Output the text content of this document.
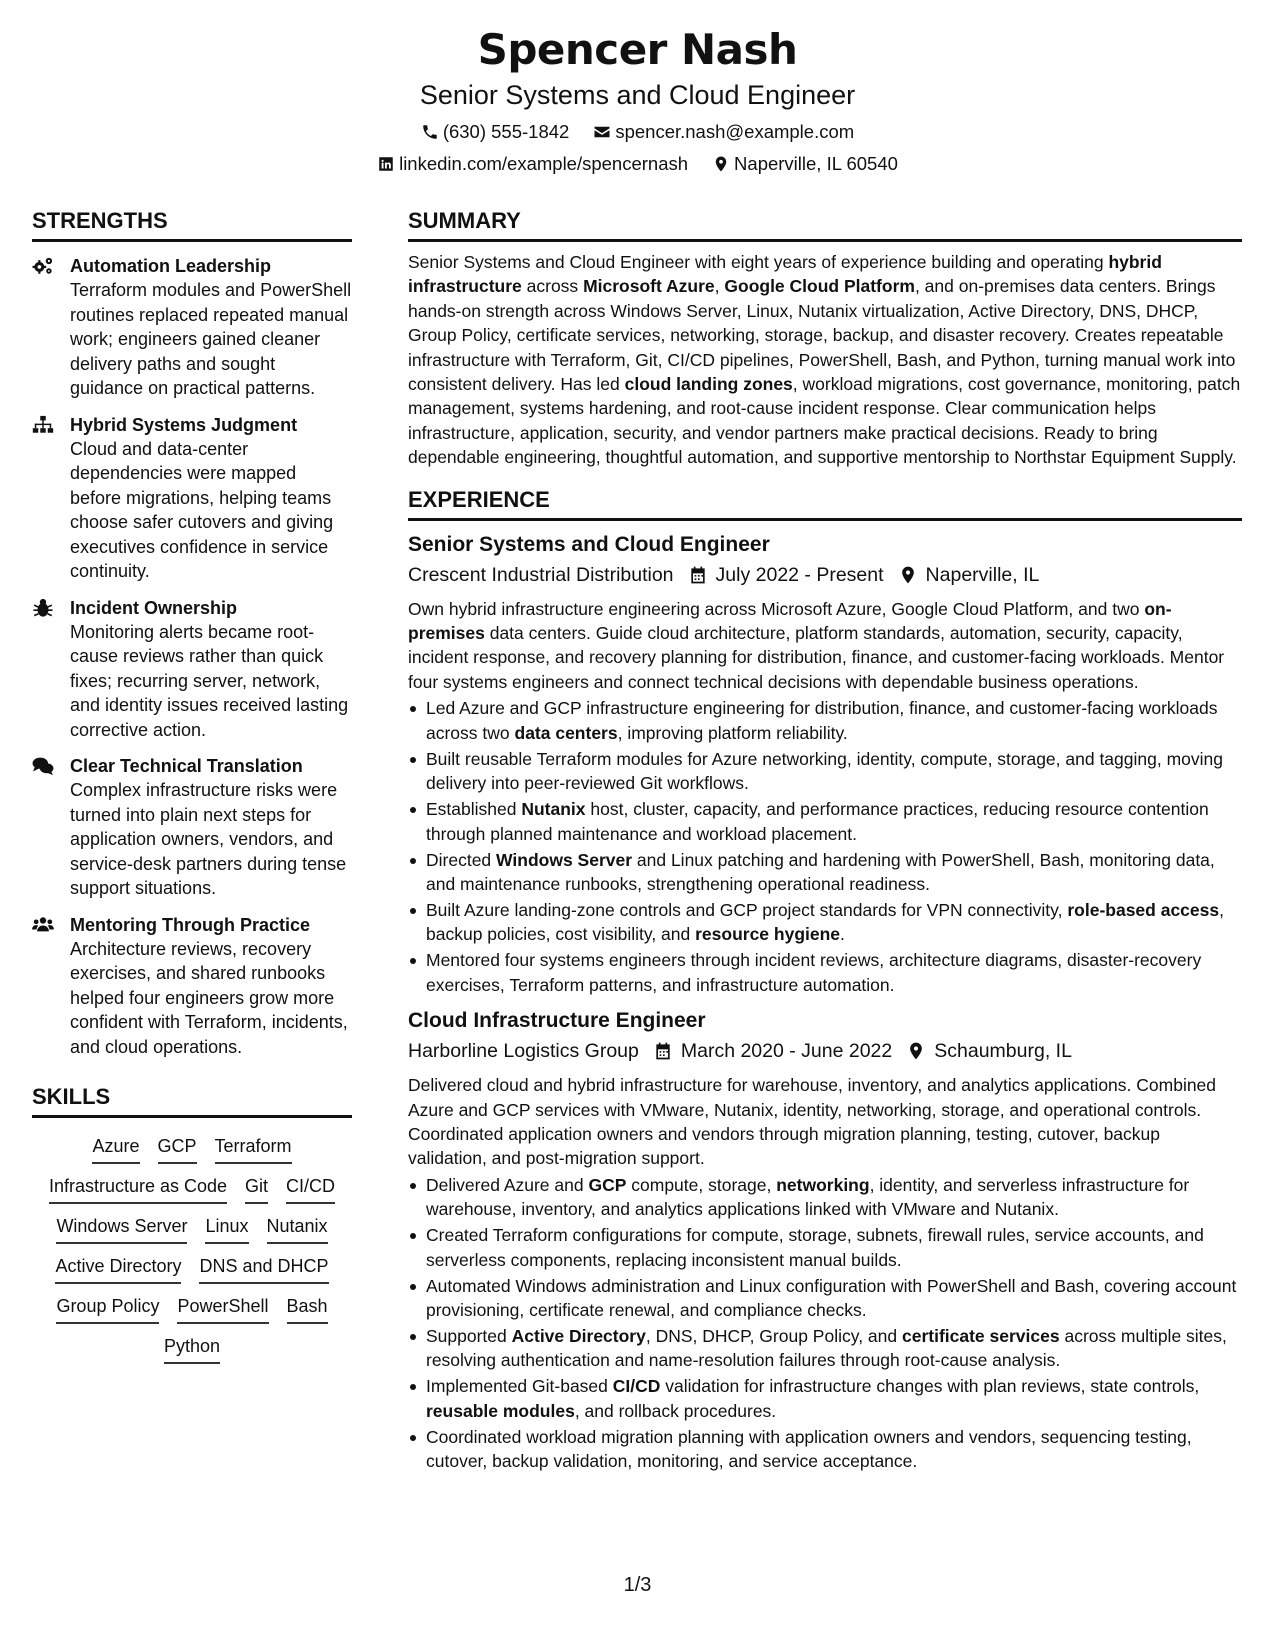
Spencer Nash
Senior Systems and Cloud Engineer
(630) 555-1842 spencer.nash@example.com
linkedin.com/example/spencernash Naperville, IL 60540
STRENGTHS
Automation Leadership
Terraform modules and PowerShell routines replaced repeated manual work; engineers gained cleaner delivery paths and sought guidance on practical patterns.
Hybrid Systems Judgment
Cloud and data-center dependencies were mapped before migrations, helping teams choose safer cutovers and giving executives confidence in service continuity.
Incident Ownership
Monitoring alerts became root-cause reviews rather than quick fixes; recurring server, network, and identity issues received lasting corrective action.
Clear Technical Translation
Complex infrastructure risks were turned into plain next steps for application owners, vendors, and service-desk partners during tense support situations.
Mentoring Through Practice
Architecture reviews, recovery exercises, and shared runbooks helped four engineers grow more confident with Terraform, incidents, and cloud operations.
SKILLS
Azure GCP Terraform
Infrastructure as Code Git CI/CD
Windows Server Linux Nutanix
Active Directory DNS and DHCP
Group Policy PowerShell Bash
Python
SUMMARY
Senior Systems and Cloud Engineer with eight years of experience building and operating hybrid infrastructure across Microsoft Azure, Google Cloud Platform, and on-premises data centers. Brings hands-on strength across Windows Server, Linux, Nutanix virtualization, Active Directory, DNS, DHCP, Group Policy, certificate services, networking, storage, backup, and disaster recovery. Creates repeatable infrastructure with Terraform, Git, CI/CD pipelines, PowerShell, Bash, and Python, turning manual work into consistent delivery. Has led cloud landing zones, workload migrations, cost governance, monitoring, patch management, systems hardening, and root-cause incident response. Clear communication helps infrastructure, application, security, and vendor partners make practical decisions. Ready to bring dependable engineering, thoughtful automation, and supportive mentorship to Northstar Equipment Supply.
EXPERIENCE
Senior Systems and Cloud Engineer
Crescent Industrial Distribution July 2022 - Present Naperville, IL
Own hybrid infrastructure engineering across Microsoft Azure, Google Cloud Platform, and two on-premises data centers. Guide cloud architecture, platform standards, automation, security, capacity, incident response, and recovery planning for distribution, finance, and customer-facing workloads. Mentor four systems engineers and connect technical decisions with dependable business operations.
Led Azure and GCP infrastructure engineering for distribution, finance, and customer-facing workloads across two data centers, improving platform reliability.
Built reusable Terraform modules for Azure networking, identity, compute, storage, and tagging, moving delivery into peer-reviewed Git workflows.
Established Nutanix host, cluster, capacity, and performance practices, reducing resource contention through planned maintenance and workload placement.
Directed Windows Server and Linux patching and hardening with PowerShell, Bash, monitoring data, and maintenance runbooks, strengthening operational readiness.
Built Azure landing-zone controls and GCP project standards for VPN connectivity, role-based access, backup policies, cost visibility, and resource hygiene.
Mentored four systems engineers through incident reviews, architecture diagrams, disaster-recovery exercises, Terraform patterns, and infrastructure automation.
Cloud Infrastructure Engineer
Harborline Logistics Group March 2020 - June 2022 Schaumburg, IL
Delivered cloud and hybrid infrastructure for warehouse, inventory, and analytics applications. Combined Azure and GCP services with VMware, Nutanix, identity, networking, storage, and operational controls. Coordinated application owners and vendors through migration planning, testing, cutover, backup validation, and post-migration support.
Delivered Azure and GCP compute, storage, networking, identity, and serverless infrastructure for warehouse, inventory, and analytics applications linked with VMware and Nutanix.
Created Terraform configurations for compute, storage, subnets, firewall rules, service accounts, and serverless components, replacing inconsistent manual builds.
Automated Windows administration and Linux configuration with PowerShell and Bash, covering account provisioning, certificate renewal, and compliance checks.
Supported Active Directory, DNS, DHCP, Group Policy, and certificate services across multiple sites, resolving authentication and name-resolution failures through root-cause analysis.
Implemented Git-based CI/CD validation for infrastructure changes with plan reviews, state controls, reusable modules, and rollback procedures.
Coordinated workload migration planning with application owners and vendors, sequencing testing, cutover, backup validation, monitoring, and service acceptance.
1/3
